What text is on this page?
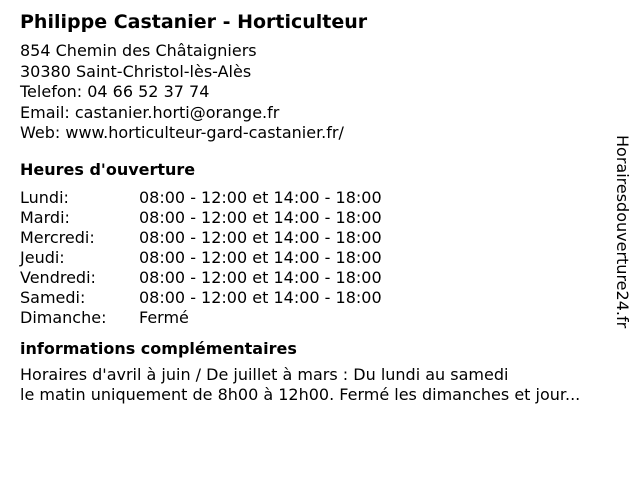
Philippe Castanier - Horticulteur
854 Chemin des Châtaigniers
30380 Saint-Christol-lès-Alès
Telefon: 04 66 52 37 74
Email: castanier.horti@orange.fr
Web: www.horticulteur-gard-castanier.fr/
Heures d'ouverture
Lundi:	08:00 - 12:00 et 14:00 - 18:00
Mardi:	08:00 - 12:00 et 14:00 - 18:00
Mercredi:	08:00 - 12:00 et 14:00 - 18:00
Jeudi:	08:00 - 12:00 et 14:00 - 18:00
Vendredi:	08:00 - 12:00 et 14:00 - 18:00
Samedi:	08:00 - 12:00 et 14:00 - 18:00
Dimanche:	Fermé
informations complémentaires
Horaires d'avril à juin / De juillet à mars : Du lundi au samedi
le matin uniquement de 8h00 à 12h00. Fermé les dimanches et jour...
Horairesdouverture24.fr
